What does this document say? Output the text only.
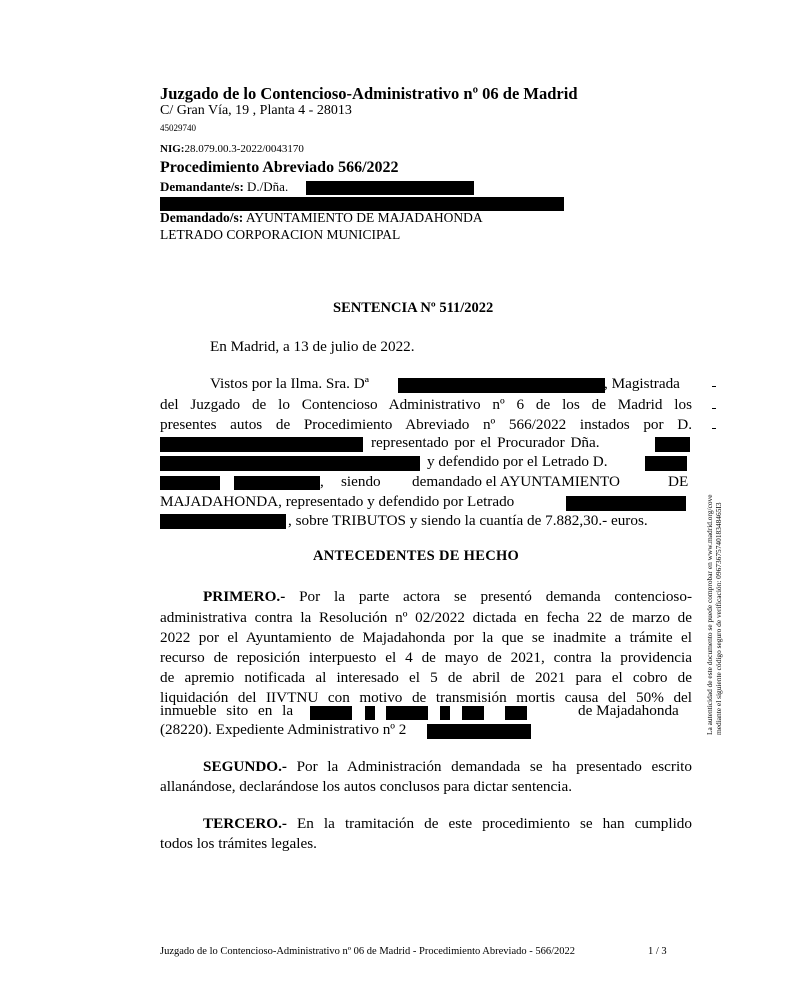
Juzgado de lo Contencioso-Administrativo nº 06 de Madrid
C/ Gran Vía, 19 , Planta 4 - 28013
45029740
NIG:28.079.00.3-2022/0043170
Procedimiento Abreviado 566/2022
Demandante/s: D./Dña.
Demandado/s: AYUNTAMIENTO DE MAJADAHONDA
LETRADO CORPORACION MUNICIPAL
SENTENCIA Nº 511/2022
En Madrid, a 13 de julio de 2022.
Vistos por la Ilma. Sra. Dª	, Magistrada
del Juzgado de lo Contencioso Administrativo nº 6 de los de Madrid los
presentes autos de Procedimiento Abreviado nº 566/2022 instados por D.
representado por el Procurador Dña.
y defendido por el Letrado D.
, siendo demandado el AYUNTAMIENTO	DE
MAJADAHONDA, representado y defendido por Letrado
, sobre TRIBUTOS y siendo la cuantía de 7.882,30.- euros.
ANTECEDENTES DE HECHO
PRIMERO.- Por la parte actora se presentó demanda contencioso-
administrativa contra la Resolución nº 02/2022 dictada en fecha 22 de marzo de
2022 por el Ayuntamiento de Majadahonda por la que se inadmite a trámite el
recurso de reposición interpuesto el 4 de mayo de 2021, contra la providencia
de apremio notificada al interesado el 5 de abril de 2021 para el cobro de
liquidación del IIVTNU con motivo de transmisión mortis causa del 50% del
inmueble sito en la	de Majadahonda
(28220). Expediente Administrativo nº 2
SEGUNDO.- Por la Administración demandada se ha presentado escrito
allanándose, declarándose los autos conclusos para dictar sentencia.
TERCERO.- En la tramitación de este procedimiento se han cumplido
todos los trámites legales.
La autenticidad de este documento se puede comprobar en www.madrid.org/cove mediante el siguiente código seguro de verificación: 0967367574018348465I3
Juzgado de lo Contencioso-Administrativo nº 06 de Madrid - Procedimiento Abreviado - 566/2022	1 / 3
